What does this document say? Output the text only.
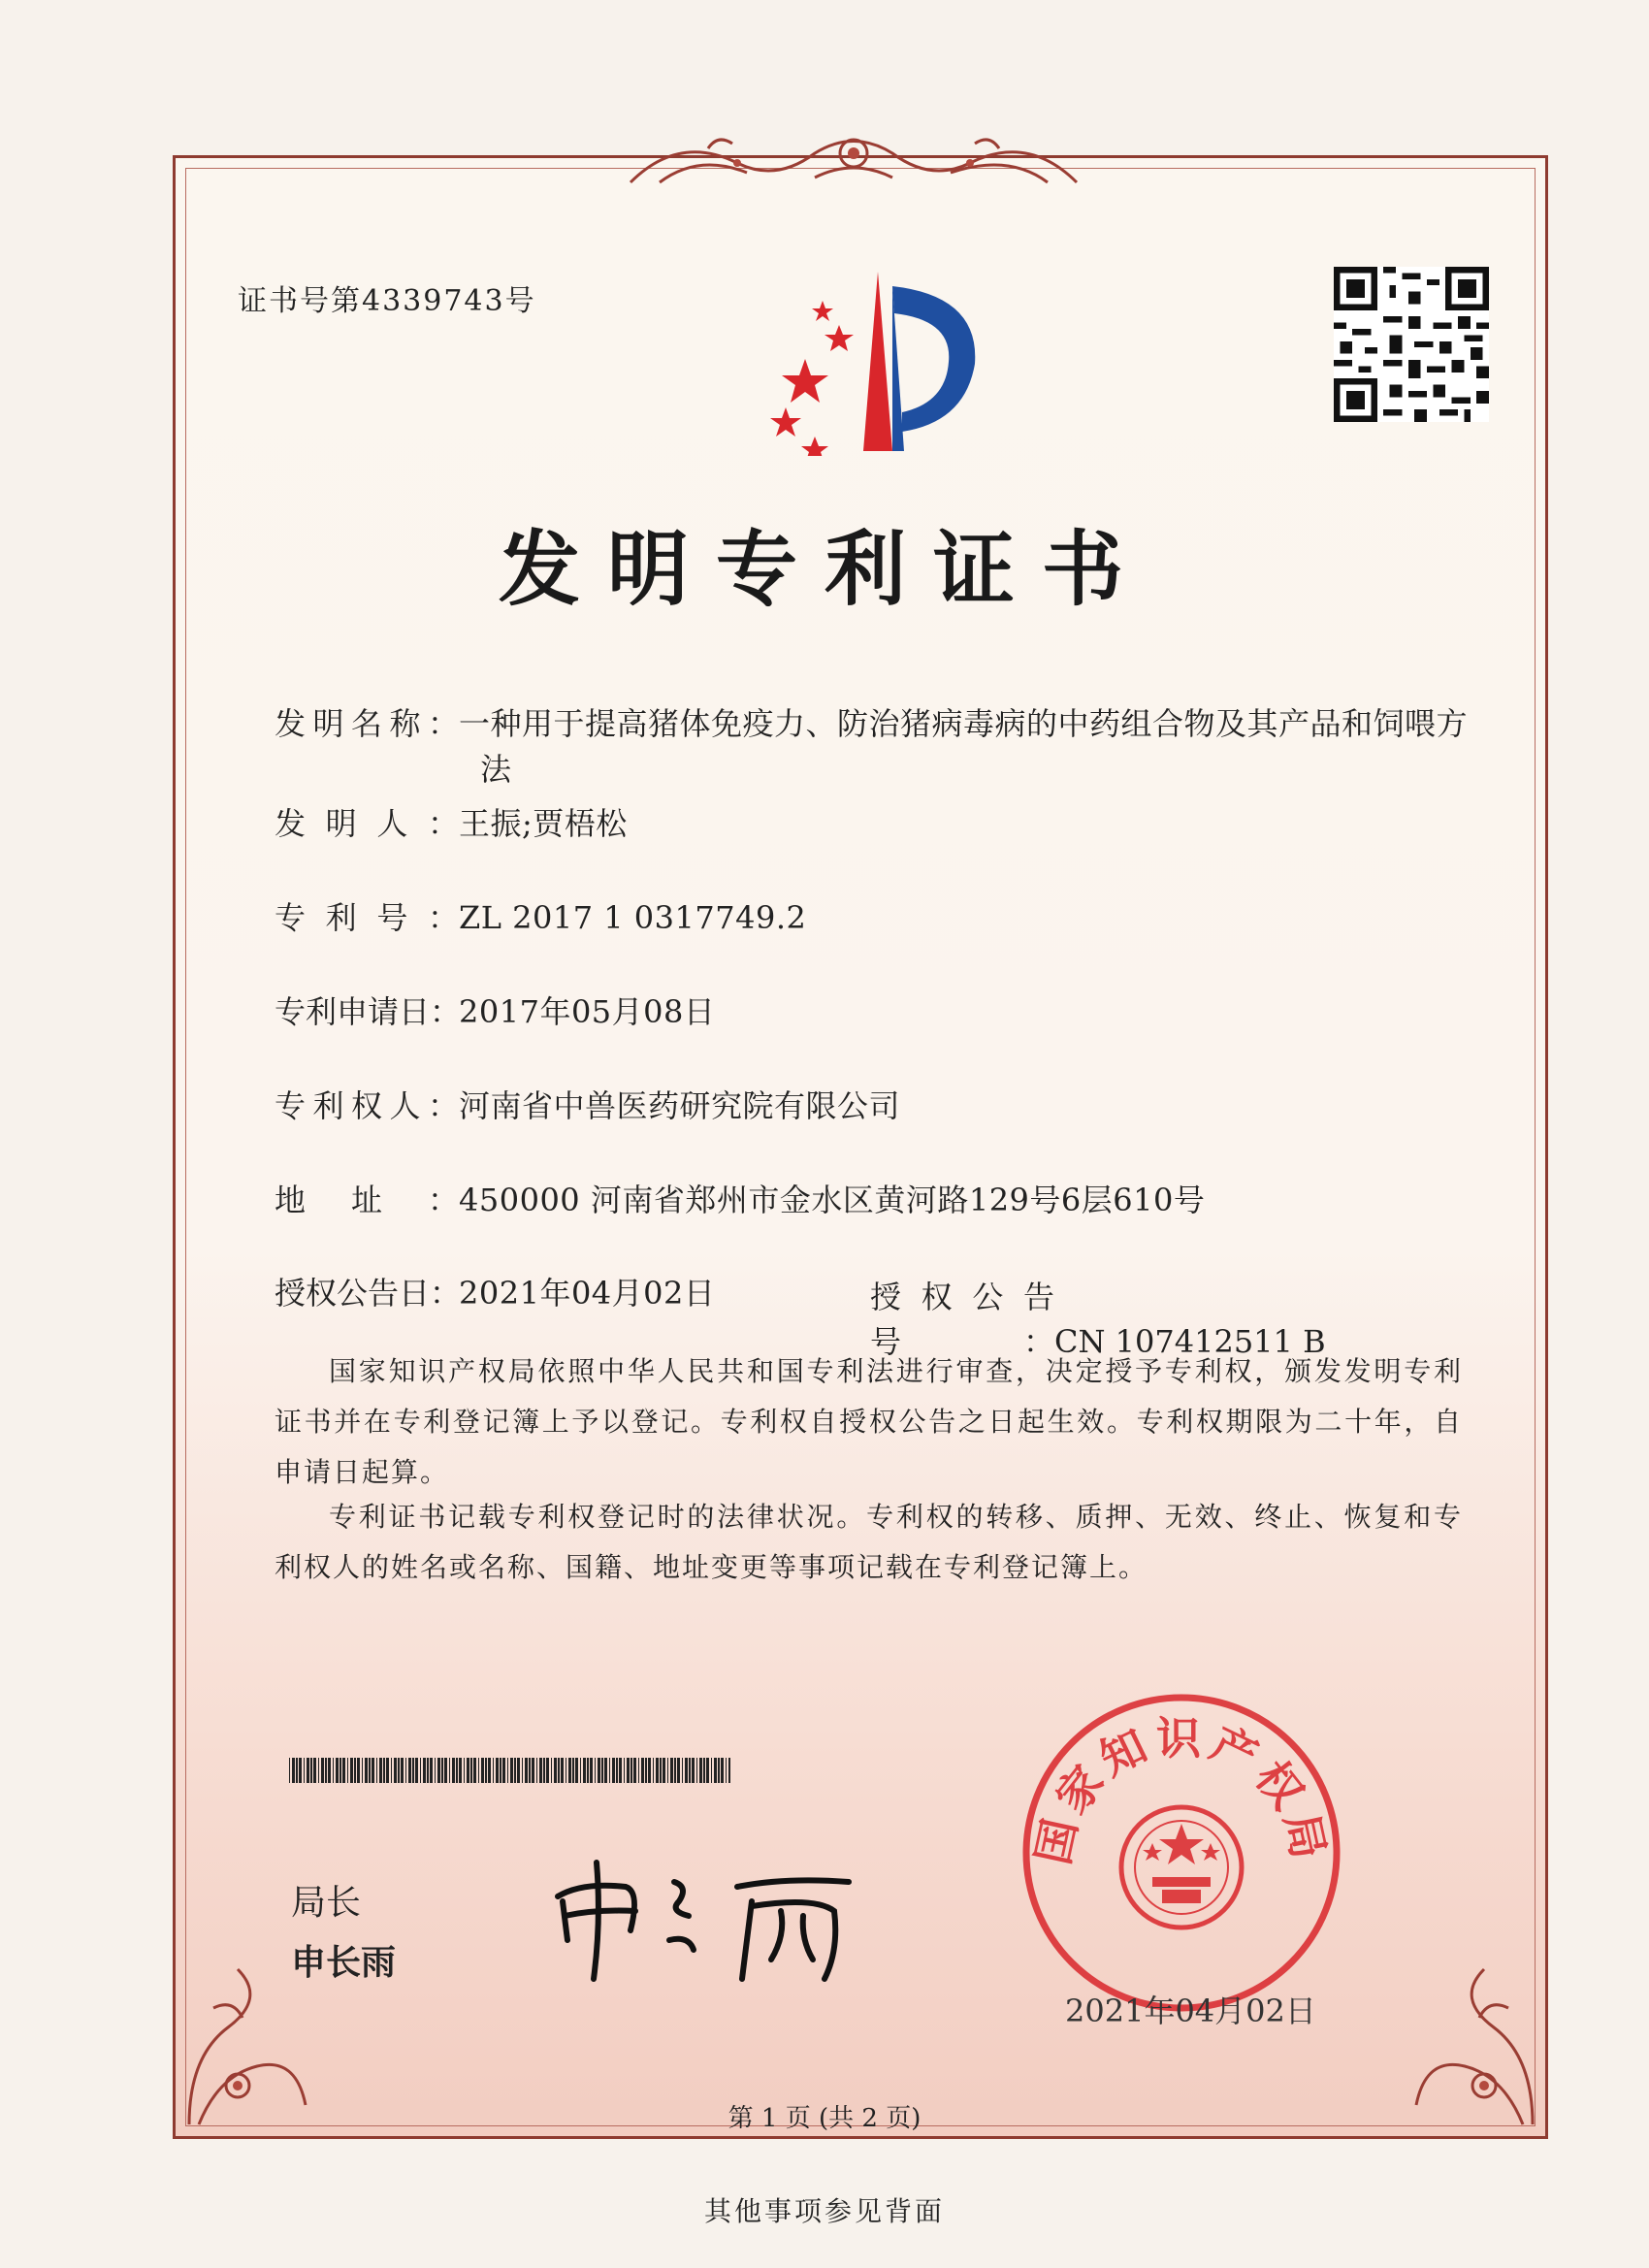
证书号第4339743号
发明专利证书
发明名称：一种用于提高猪体免疫力、防治猪病毒病的中药组合物及其产品和饲喂方
法
发明人：王振;贾梧松
专利号：ZL 2017 1 0317749.2
专利申请日：2017年05月08日
专利权人：河南省中兽医药研究院有限公司
地址：450000 河南省郑州市金水区黄河路129号6层610号
授权公告日：2021年04月02日	授权公告号：CN 107412511 B
国家知识产权局依照中华人民共和国专利法进行审查，决定授予专利权，颁发发明专利证书并在专利登记簿上予以登记。专利权自授权公告之日起生效。专利权期限为二十年，自申请日起算。
专利证书记载专利权登记时的法律状况。专利权的转移、质押、无效、终止、恢复和专利权人的姓名或名称、国籍、地址变更等事项记载在专利登记簿上。
局长
申长雨
国家知识产权局
2021年04月02日
第 1 页 (共 2 页)
其他事项参见背面
